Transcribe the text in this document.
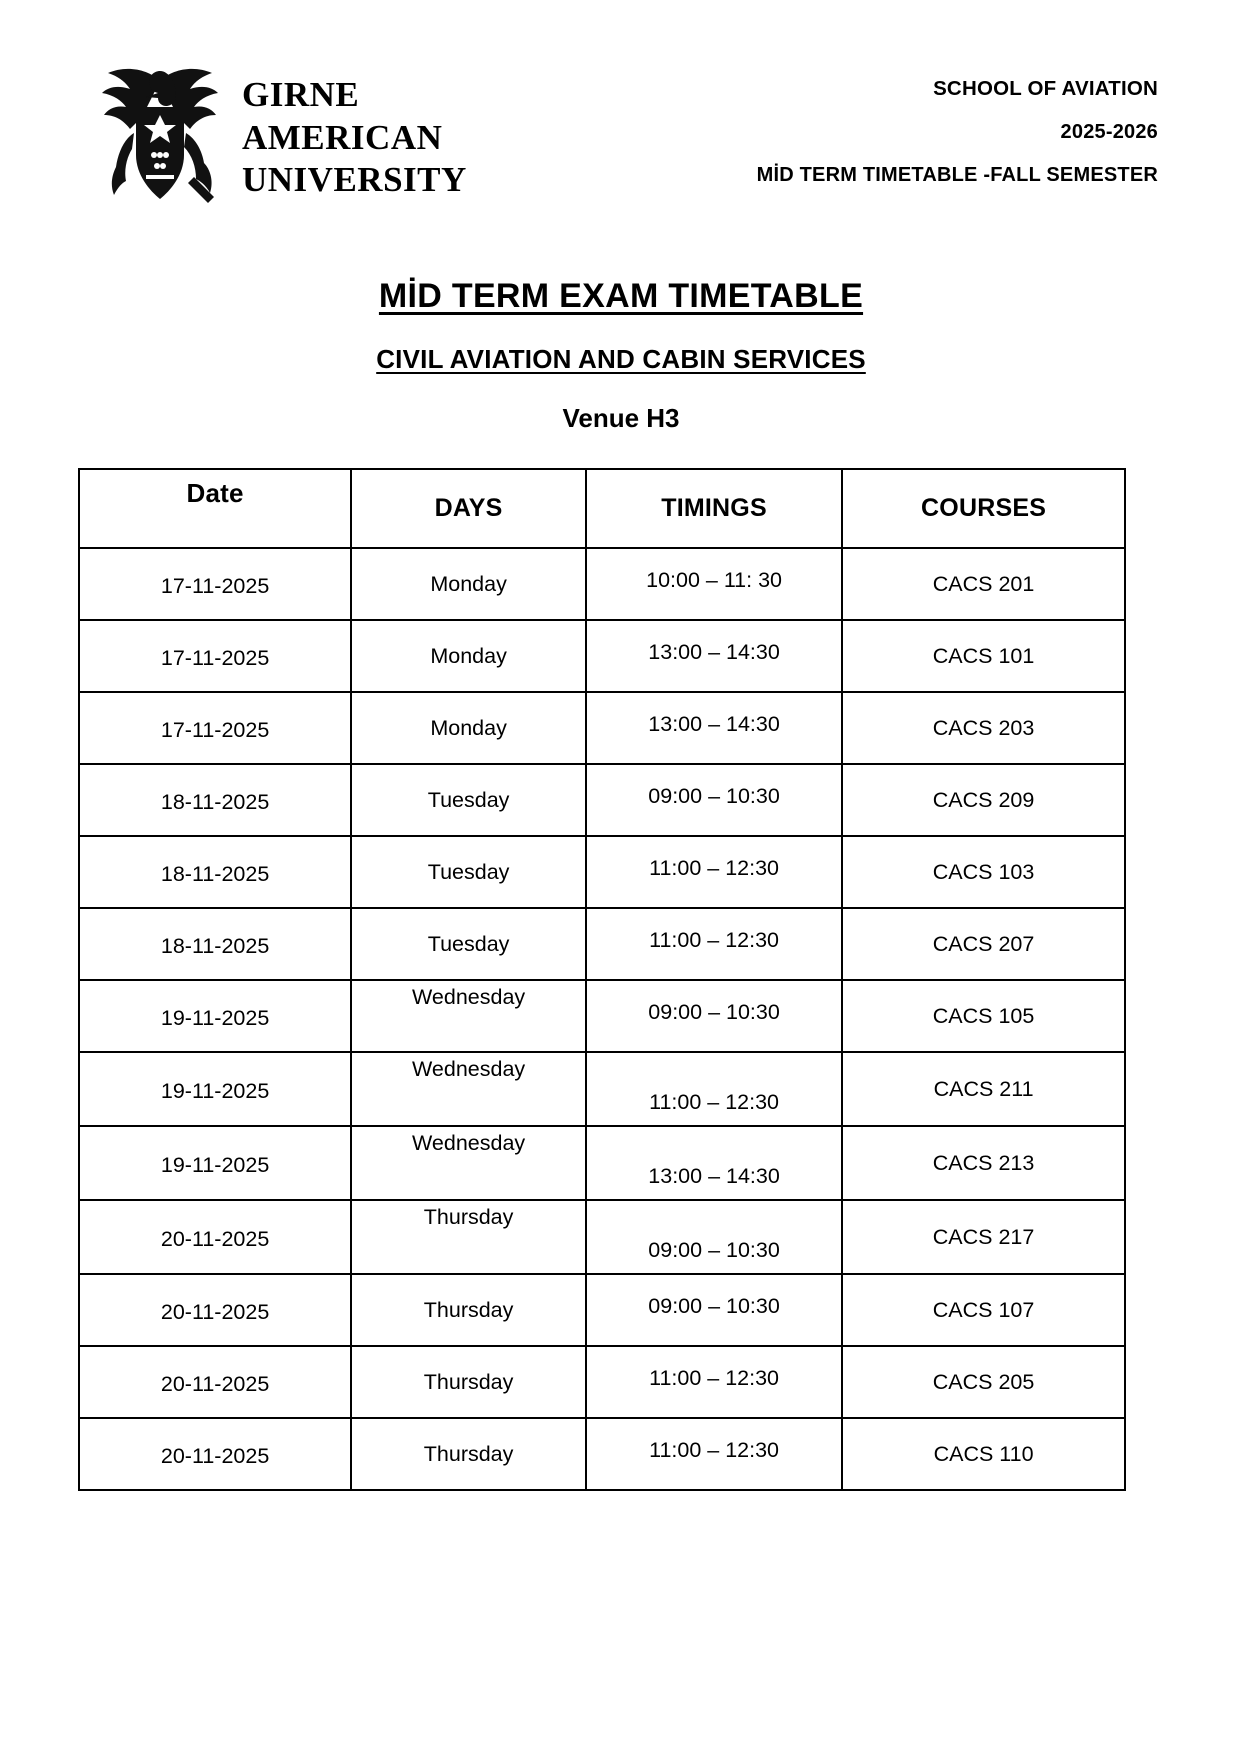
GIRNE
AMERICAN
UNIVERSITY
SCHOOL OF AVIATION
2025-2026
MİD TERM TIMETABLE -FALL SEMESTER
MİD TERM EXAM TIMETABLE
CIVIL AVIATION AND CABIN SERVICES
Venue H3
Date	DAYS	TIMINGS	COURSES
17-11-2025	Monday	10:00 – 11: 30	CACS 201
17-11-2025	Monday	13:00 – 14:30	CACS 101
17-11-2025	Monday	13:00 – 14:30	CACS 203
18-11-2025	Tuesday	09:00 – 10:30	CACS 209
18-11-2025	Tuesday	11:00 – 12:30	CACS 103
18-11-2025	Tuesday	11:00 – 12:30	CACS 207
19-11-2025	Wednesday	09:00 – 10:30	CACS 105
19-11-2025	Wednesday	11:00 – 12:30	CACS 211
19-11-2025	Wednesday	13:00 – 14:30	CACS 213
20-11-2025	Thursday	09:00 – 10:30	CACS 217
20-11-2025	Thursday	09:00 – 10:30	CACS 107
20-11-2025	Thursday	11:00 – 12:30	CACS 205
20-11-2025	Thursday	11:00 – 12:30	CACS 110
